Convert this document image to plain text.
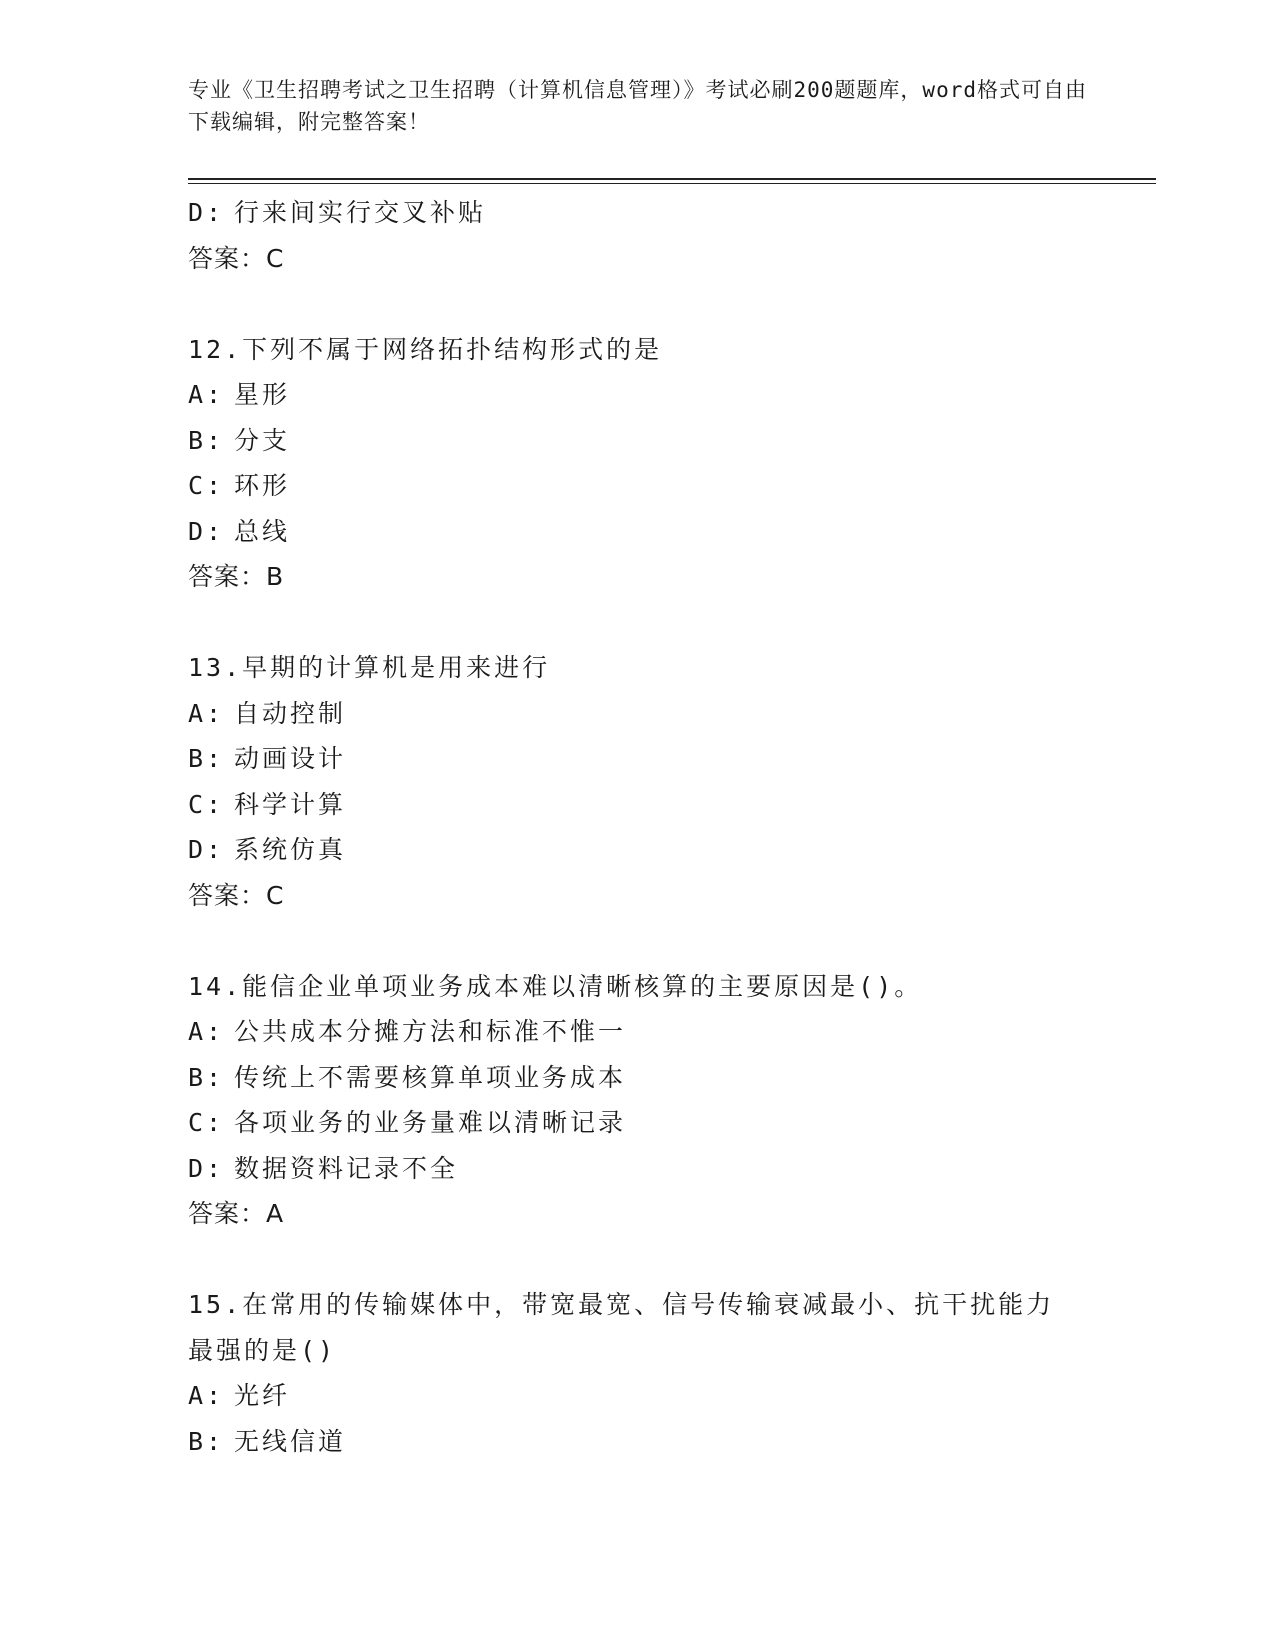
专业《卫生招聘考试之卫生招聘（计算机信息管理）》考试必刷200题题库，word格式可自由下载编辑，附完整答案！
D: 行来间实行交叉补贴
答案：C
12.下列不属于网络拓扑结构形式的是
A: 星形
B: 分支
C: 环形
D: 总线
答案：B
13.早期的计算机是用来进行
A: 自动控制
B: 动画设计
C: 科学计算
D: 系统仿真
答案：C
14.能信企业单项业务成本难以清晰核算的主要原因是()。
A: 公共成本分摊方法和标准不惟一
B: 传统上不需要核算单项业务成本
C: 各项业务的业务量难以清晰记录
D: 数据资料记录不全
答案：A
15.在常用的传输媒体中，带宽最宽、信号传输衰减最小、抗干扰能力
最强的是()
A: 光纤
B: 无线信道
